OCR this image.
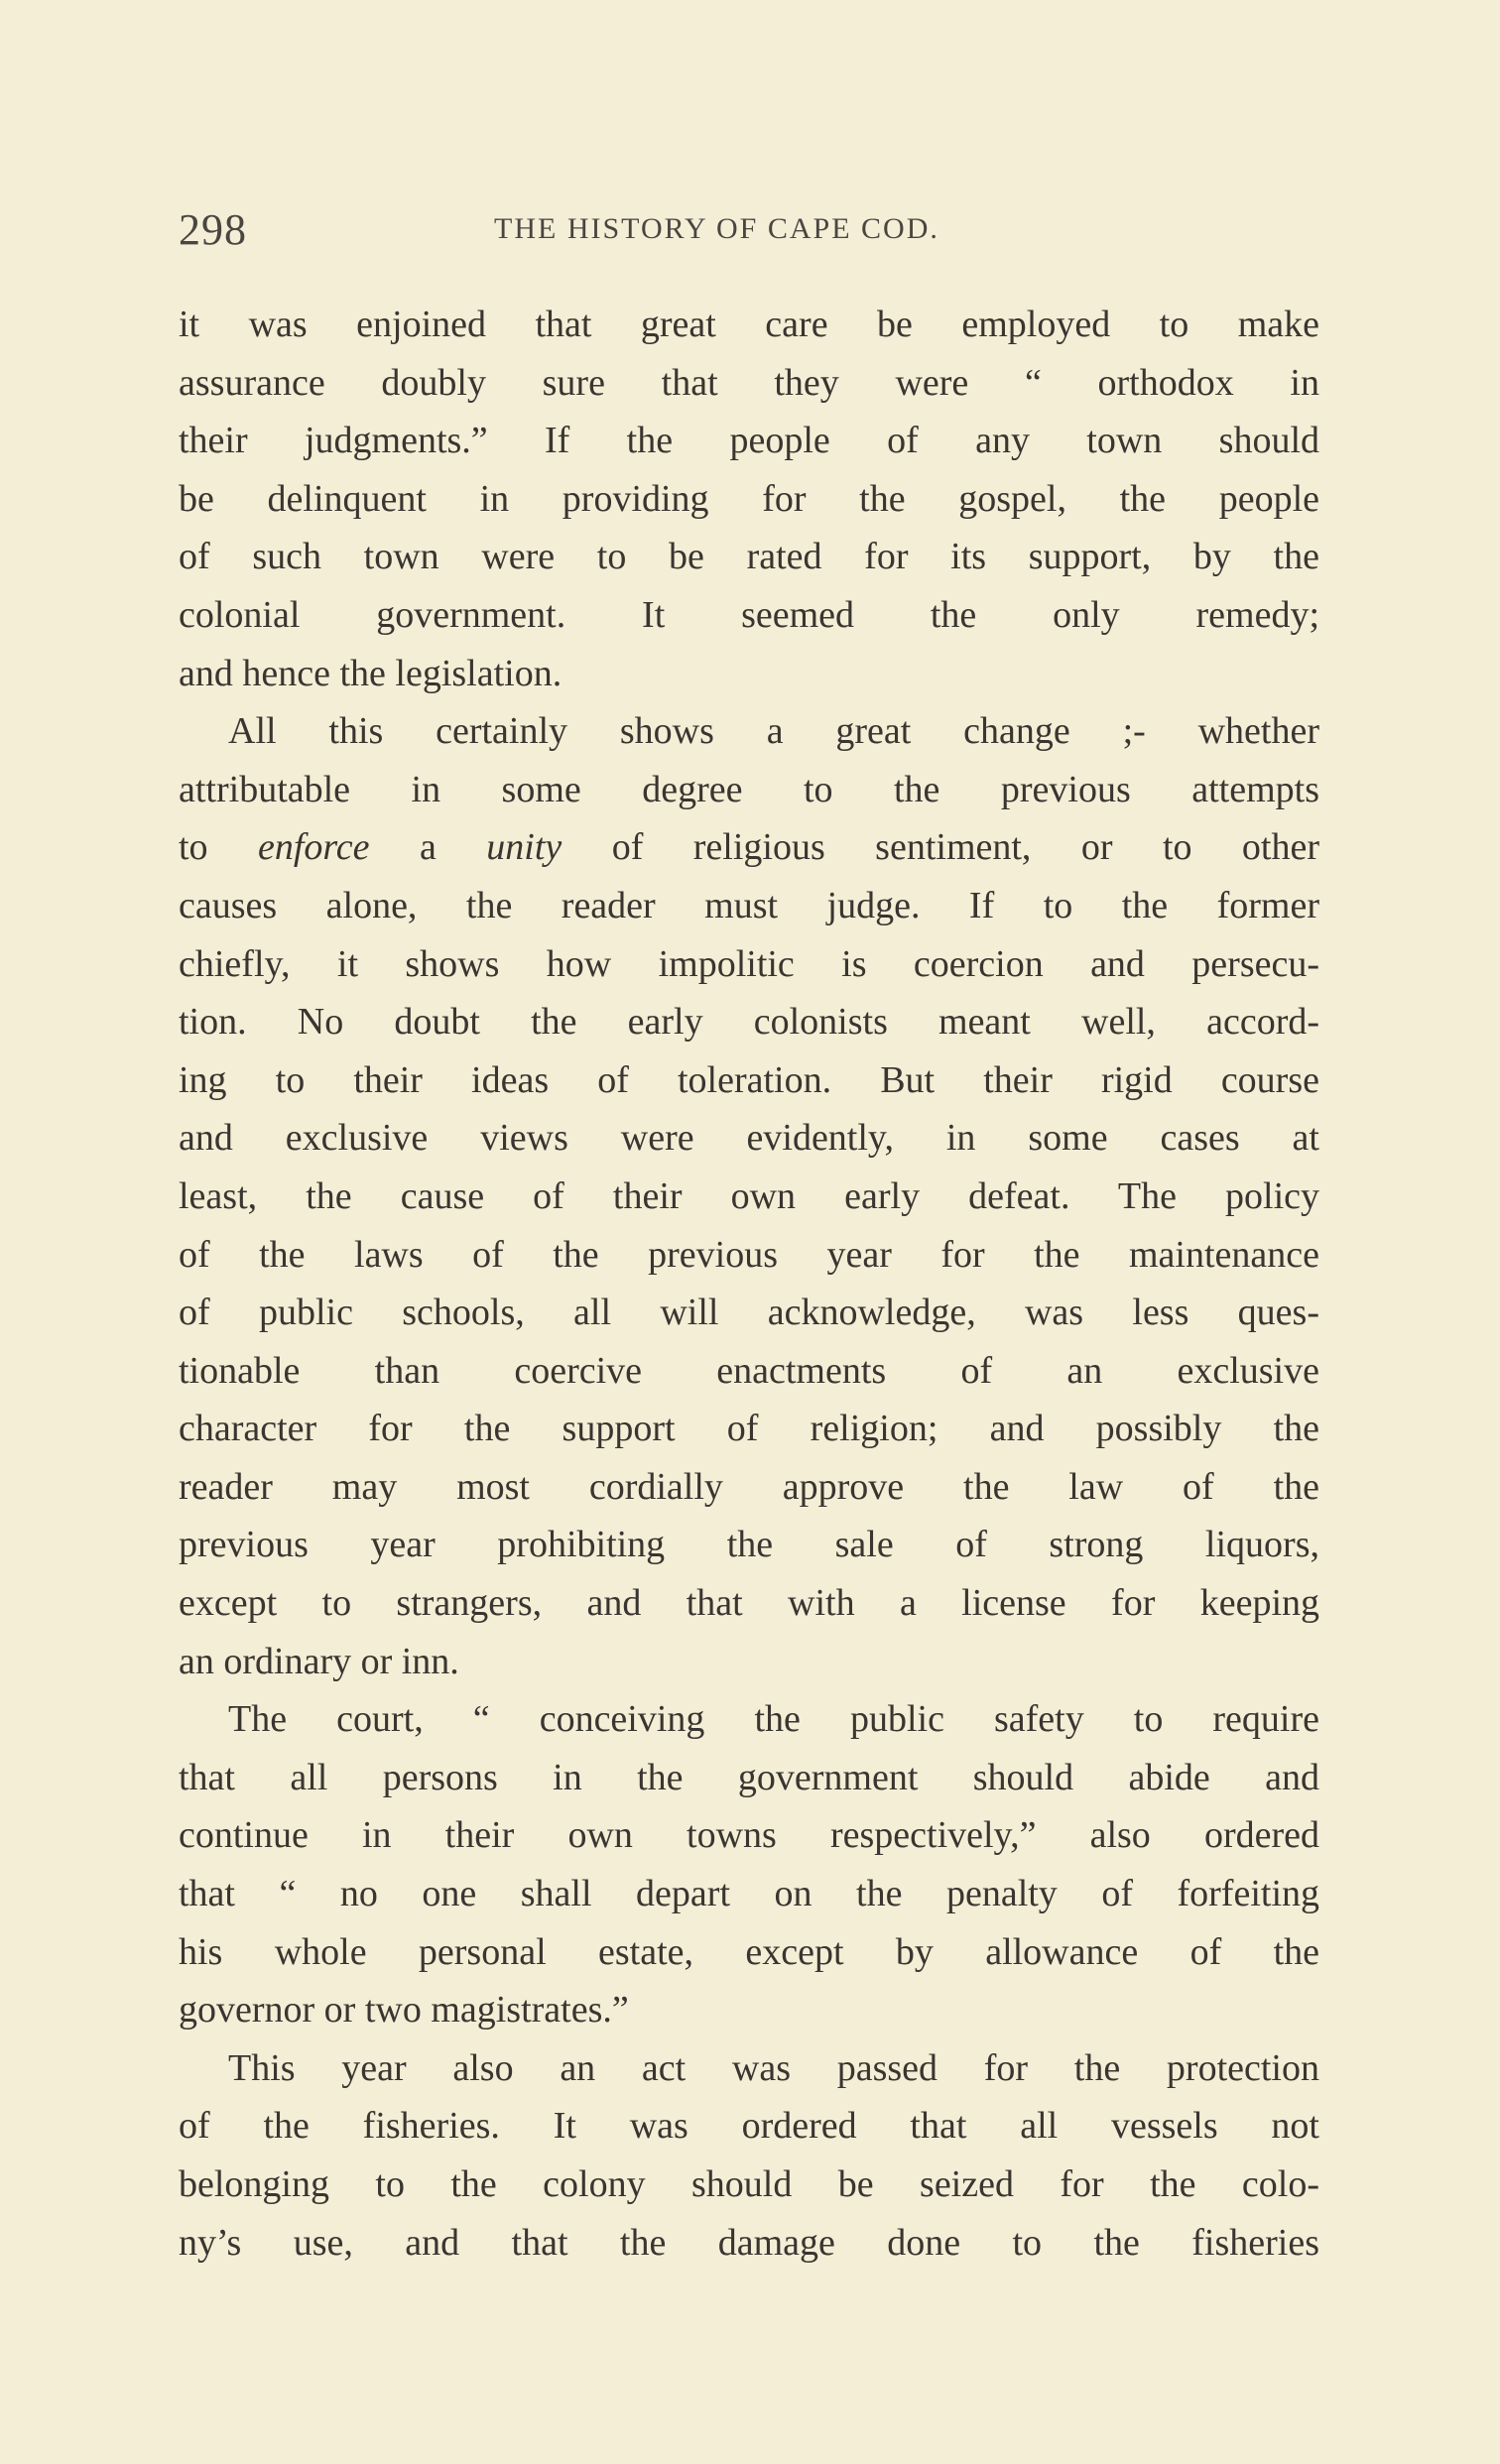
298	THE HISTORY OF CAPE COD.
it was enjoined that great care be employed to make
assurance doubly sure that they were “ orthodox in
their judgments.” If the people of any town should
be delinquent in providing for the gospel, the people
of such town were to be rated for its support, by the
colonial government. It seemed the only remedy;
and hence the legislation.
All this certainly shows a great change ;- whether
attributable in some degree to the previous attempts
to enforce a unity of religious sentiment, or to other
causes alone, the reader must judge. If to the former
chiefly, it shows how impolitic is coercion and persecu-
tion. No doubt the early colonists meant well, accord-
ing to their ideas of toleration. But their rigid course
and exclusive views were evidently, in some cases at
least, the cause of their own early defeat. The policy
of the laws of the previous year for the maintenance
of public schools, all will acknowledge, was less ques-
tionable than coercive enactments of an exclusive
character for the support of religion; and possibly the
reader may most cordially approve the law of the
previous year prohibiting the sale of strong liquors,
except to strangers, and that with a license for keeping
an ordinary or inn.
The court, “ conceiving the public safety to require
that all persons in the government should abide and
continue in their own towns respectively,” also ordered
that “ no one shall depart on the penalty of forfeiting
his whole personal estate, except by allowance of the
governor or two magistrates.”
This year also an act was passed for the protection
of the fisheries. It was ordered that all vessels not
belonging to the colony should be seized for the colo-
ny’s use, and that the damage done to the fisheries
